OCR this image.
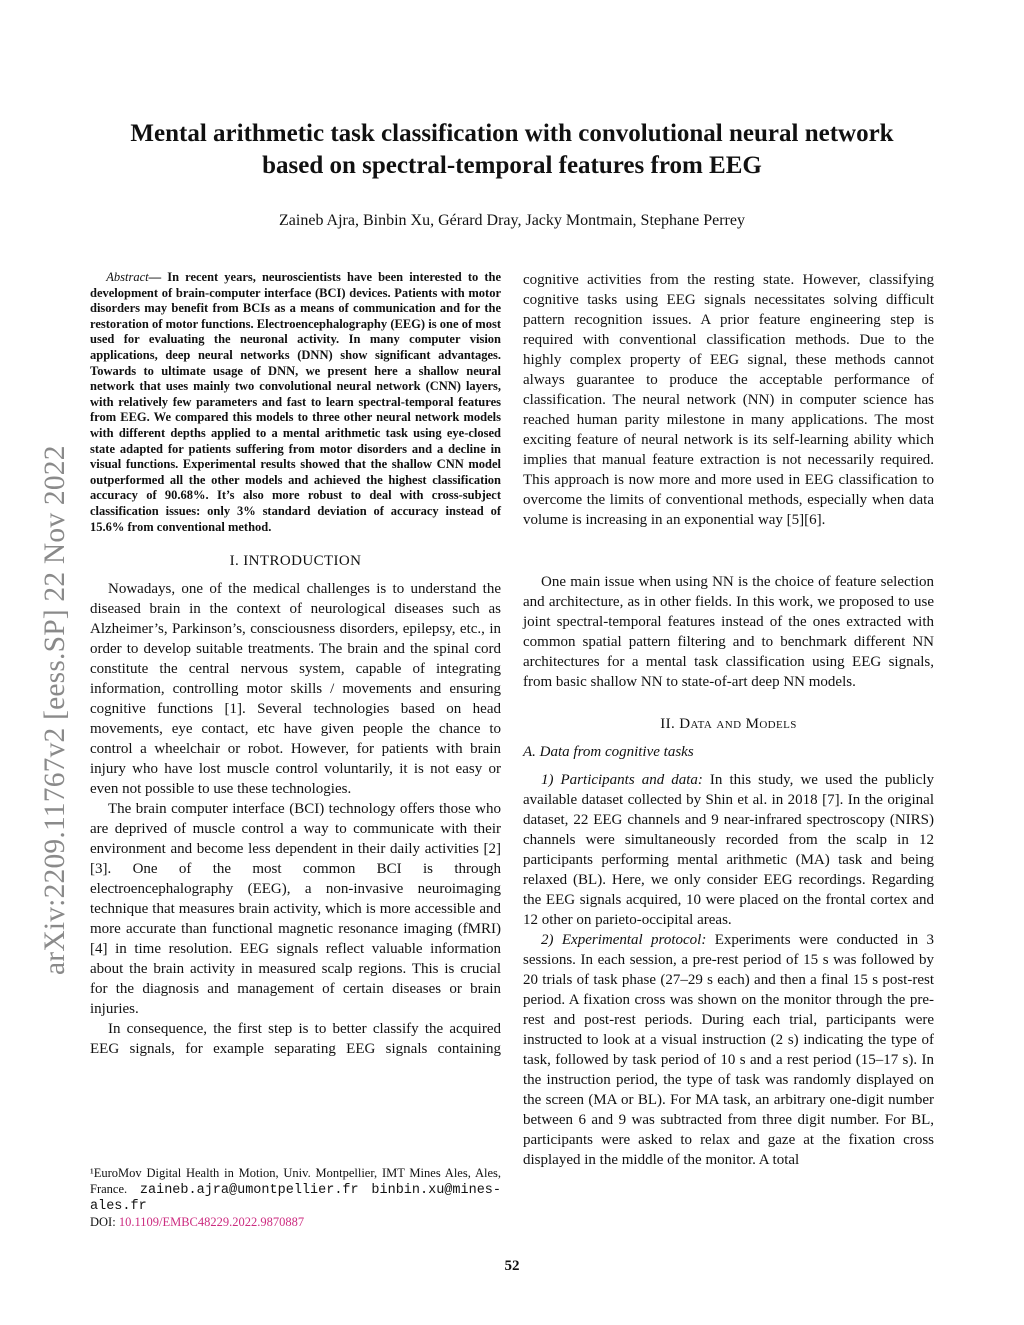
arXiv:2209.11767v2 [eess.SP] 22 Nov 2022
Mental arithmetic task classification with convolutional neural network
based on spectral-temporal features from EEG
Zaineb Ajra, Binbin Xu, Gérard Dray, Jacky Montmain, Stephane Perrey

Abstract— In recent years, neuroscientists have been interested to the development of brain-computer interface (BCI) devices. Patients with motor disorders may benefit from BCIs as a means of communication and for the restoration of motor functions. Electroencephalography (EEG) is one of most used for evaluating the neuronal activity. In many computer vision applications, deep neural networks (DNN) show significant advantages. Towards to ultimate usage of DNN, we present here a shallow neural network that uses mainly two convolutional neural network (CNN) layers, with relatively few parameters and fast to learn spectral-temporal features from EEG. We compared this models to three other neural network models with different depths applied to a mental arithmetic task using eye-closed state adapted for patients suffering from motor disorders and a decline in visual functions. Experimental results showed that the shallow CNN model outperformed all the other models and achieved the highest classification accuracy of 90.68%. It’s also more robust to deal with cross-subject classification issues: only 3% standard deviation of accuracy instead of 15.6% from conventional method.

I. INTRODUCTION

Nowadays, one of the medical challenges is to understand the diseased brain in the context of neurological diseases such as Alzheimer’s, Parkinson’s, consciousness disorders, epilepsy, etc., in order to develop suitable treatments. The brain and the spinal cord constitute the central nervous system, capable of integrating information, controlling motor skills / movements and ensuring cognitive functions [1]. Several technologies based on head movements, eye contact, etc have given people the chance to control a wheelchair or robot. However, for patients with brain injury who have lost muscle control voluntarily, it is not easy or even not possible to use these technologies.

The brain computer interface (BCI) technology offers those who are deprived of muscle control a way to communicate with their environment and become less dependent in their daily activities [2][3]. One of the most common BCI is through electroencephalography (EEG), a non-invasive neuroimaging technique that measures brain activity, which is more accessible and more accurate than functional magnetic resonance imaging (fMRI) [4] in time resolution. EEG signals reflect valuable information about the brain activity in measured scalp regions. This is crucial for the diagnosis and management of certain diseases or brain injuries.

In consequence, the first step is to better classify the acquired EEG signals, for example separating EEG signals containing

¹EuroMov Digital Health in Motion, Univ. Montpellier, IMT Mines Ales, Ales, France. zaineb.ajra@umontpellier.fr binbin.xu@mines-ales.fr
DOI: 10.1109/EMBC48229.2022.9870887

cognitive activities from the resting state. However, classifying cognitive tasks using EEG signals necessitates solving difficult pattern recognition issues. A prior feature engineering step is required with conventional classification methods. Due to the highly complex property of EEG signal, these methods cannot always guarantee to produce the acceptable performance of classification. The neural network (NN) in computer science has reached human parity milestone in many applications. The most exciting feature of neural network is its self-learning ability which implies that manual feature extraction is not necessarily required. This approach is now more and more used in EEG classification to overcome the limits of conventional methods, especially when data volume is increasing in an exponential way [5][6].

One main issue when using NN is the choice of feature selection and architecture, as in other fields. In this work, we proposed to use joint spectral-temporal features instead of the ones extracted with common spatial pattern filtering and to benchmark different NN architectures for a mental task classification using EEG signals, from basic shallow NN to state-of-art deep NN models.

II. Data and Models
A. Data from cognitive tasks

1) Participants and data: In this study, we used the publicly available dataset collected by Shin et al. in 2018 [7]. In the original dataset, 22 EEG channels and 9 near-infrared spectroscopy (NIRS) channels were simultaneously recorded from the scalp in 12 participants performing mental arithmetic (MA) task and being relaxed (BL). Here, we only consider EEG recordings. Regarding the EEG signals acquired, 10 were placed on the frontal cortex and 12 other on parieto-occipital areas.

2) Experimental protocol: Experiments were conducted in 3 sessions. In each session, a pre-rest period of 15 s was followed by 20 trials of task phase (27–29 s each) and then a final 15 s post-rest period. A fixation cross was shown on the monitor through the pre-rest and post-rest periods. During each trial, participants were instructed to look at a visual instruction (2 s) indicating the type of task, followed by task period of 10 s and a rest period (15–17 s). In the instruction period, the type of task was randomly displayed on the screen (MA or BL). For MA task, an arbitrary one-digit number between 6 and 9 was subtracted from three digit number. For BL, participants were asked to relax and gaze at the fixation cross displayed in the middle of the monitor. A total

52
